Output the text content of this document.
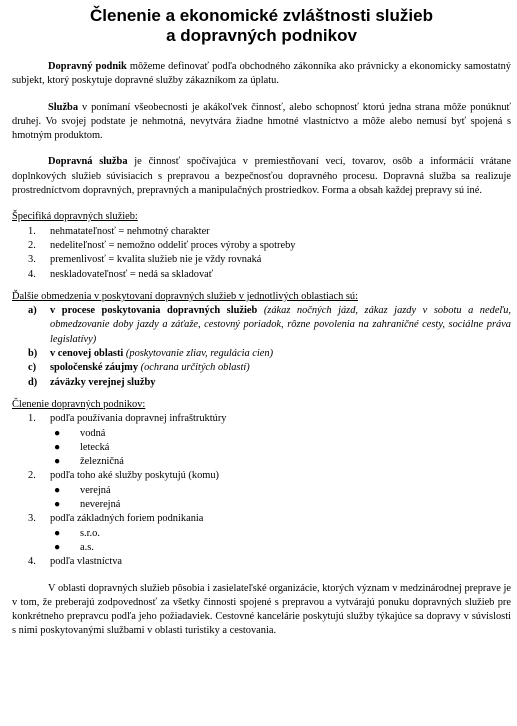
Členenie a ekonomické zvláštnosti služieb
a dopravných podnikov

Dopravný podnik môžeme definovať podľa obchodného zákonníka ako právnicky a ekonomicky samostatný subjekt, ktorý poskytuje dopravné služby zákazníkom za úplatu.

Služba v ponímaní všeobecnosti je akákoľvek činnosť, alebo schopnosť ktorú jedna strana môže ponúknuť druhej. Vo svojej podstate je nehmotná, nevytvára žiadne hmotné vlastníctvo a môže alebo nemusí byť spojená s hmotným produktom.

Dopravná služba je činnosť spočívajúca v premiestňovaní vecí, tovarov, osôb a informácií vrátane doplnkových služieb súvisiacich s prepravou a bezpečnosťou dopravného procesu. Dopravná služba sa realizuje prostredníctvom dopravných, prepravných a manipulačných prostriedkov. Forma a obsah každej prepravy sú iné.

Špecifiká dopravných služieb:

1. nehmatateľnosť = nehmotný charakter
2. nedeliteľnosť = nemožno oddeliť proces výroby a spotreby
3. premenlivosť = kvalita služieb nie je vždy rovnaká
4. neskladovateľnosť = nedá sa skladovať

Ďalšie obmedzenia v poskytovaní dopravných služieb v jednotlivých oblastiach sú:

a) v procese poskytovania dopravných služieb (zákaz nočných jázd, zákaz jazdy v sobotu a nedeľu, obmedzovanie doby jazdy a záťaže, cestovný poriadok, rôzne povolenia na zahraničné cesty, sociálne práva legislatívy)
b) v cenovej oblasti (poskytovanie zliav, regulácia cien)
c) spoločenské záujmy (ochrana určitých oblastí)
d) záväzky verejnej služby

Členenie dopravných podnikov:

1. podľa používania dopravnej infraštruktúry
● vodná
● letecká
● železničná
2. podľa toho aké služby poskytujú (komu)
● verejná
● neverejná
3. podľa základných foriem podnikania
● s.r.o.
● a.s.
4. podľa vlastníctva

V oblasti dopravných služieb pôsobia i zasielateľské organizácie, ktorých význam v medzinárodnej preprave je v tom, že preberajú zodpovednosť za všetky činnosti spojené s prepravou a vytvárajú ponuku dopravných služieb pre konkrétneho prepravcu podľa jeho požiadaviek. Cestovné kancelárie poskytujú služby týkajúce sa dopravy v súvislosti s nimi poskytovanými službami v oblasti turistiky a cestovania.
